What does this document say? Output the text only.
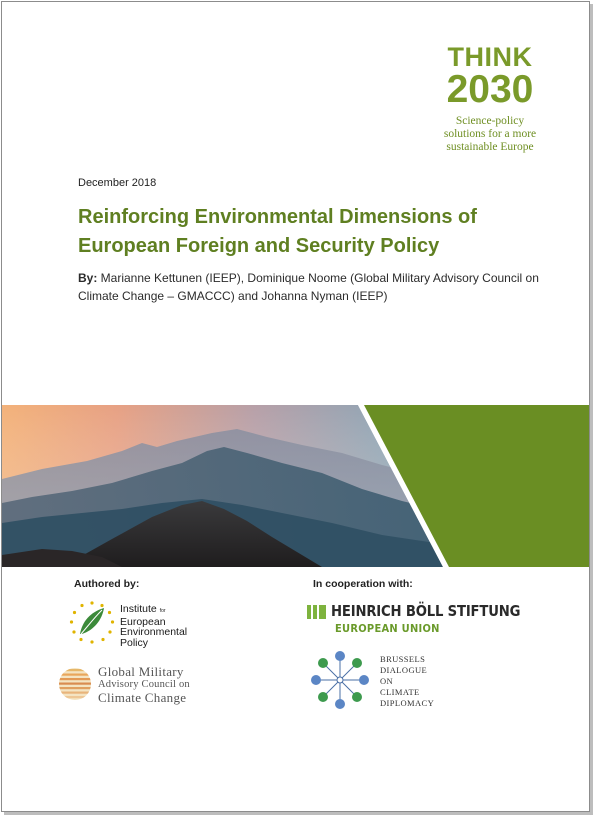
THINK
2030
Science-policy
solutions for a more
sustainable Europe
December 2018
Reinforcing Environmental Dimensions of
European Foreign and Security Policy
By: Marianne Kettunen (IEEP), Dominique Noome (Global Military Advisory Council on Climate Change – GMACCC) and Johanna Nyman (IEEP)
Authored by:
Institute for
European
Environmental
Policy
Global Military
Advisory Council on
Climate Change
In cooperation with:
HEINRICH BÖLL STIFTUNG
EUROPEAN UNION
BRUSSELS
DIALOGUE
ON
CLIMATE
DIPLOMACY
